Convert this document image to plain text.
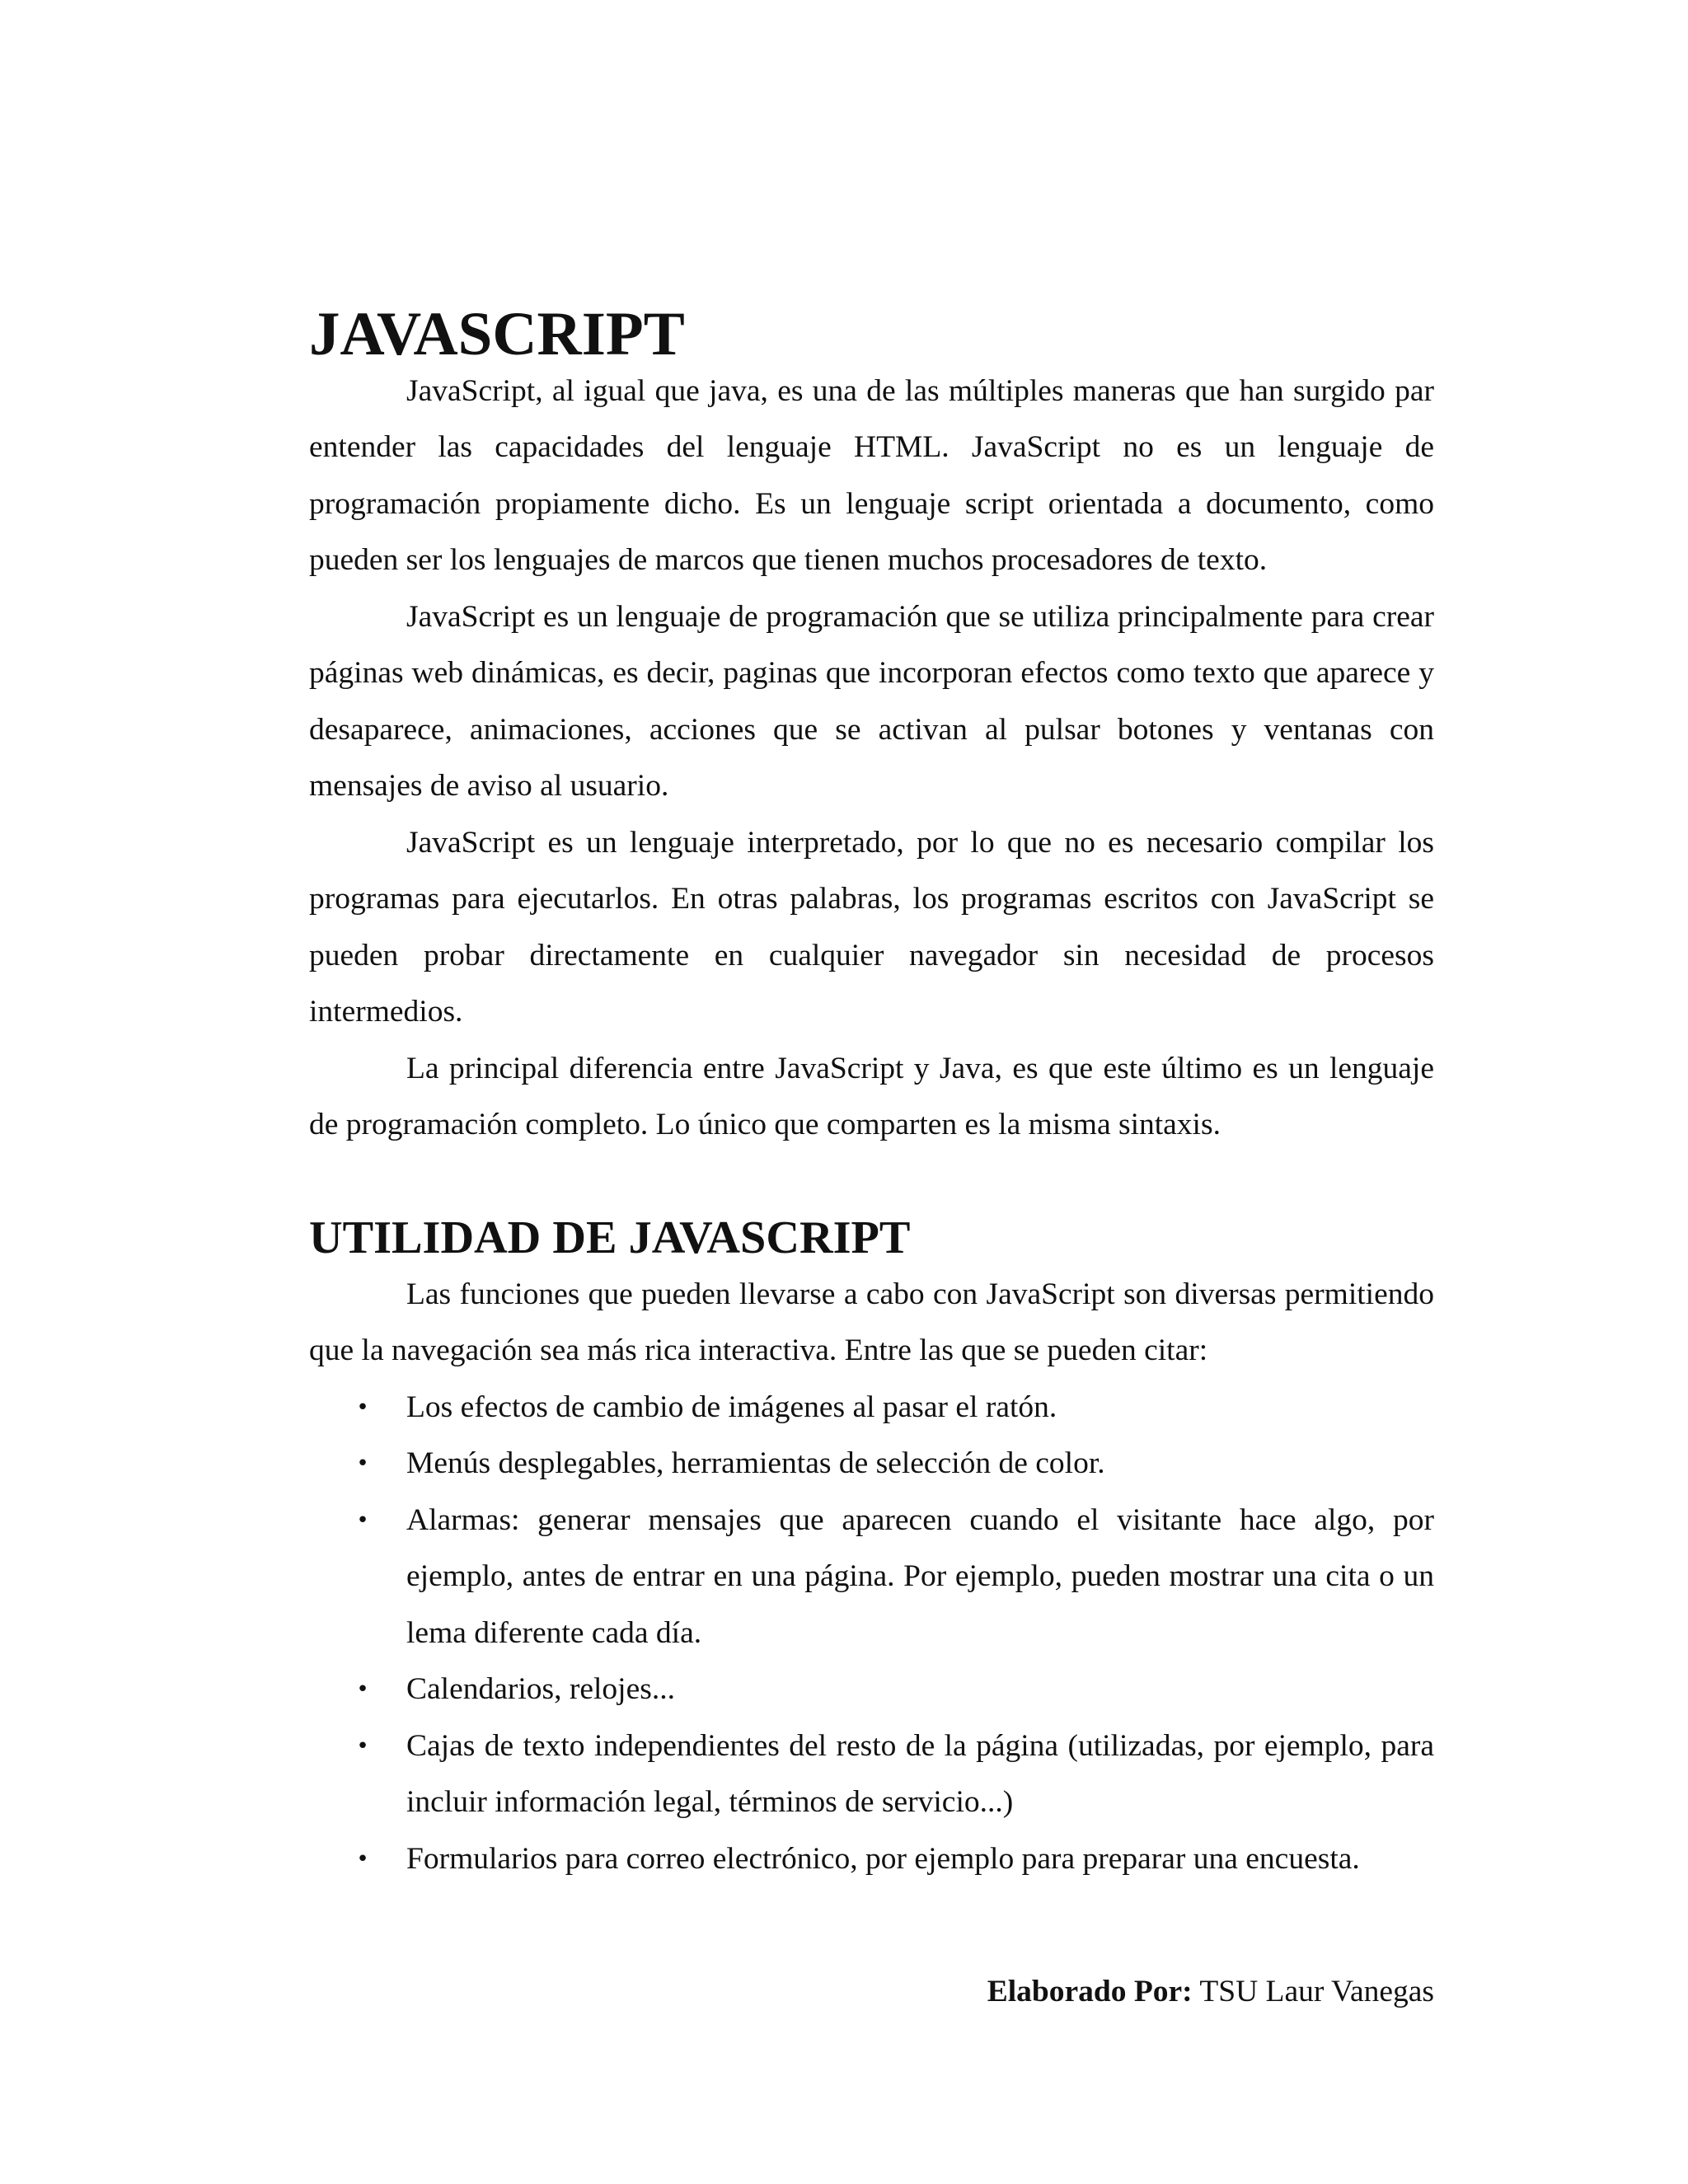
JAVASCRIPT

JavaScript, al igual que java, es una de las múltiples maneras que han surgido par entender las capacidades del lenguaje HTML. JavaScript no es un lenguaje de programación propiamente dicho. Es un lenguaje script orientada a documento, como pueden ser los lenguajes de marcos que tienen muchos procesadores de texto.

JavaScript es un lenguaje de programación que se utiliza principalmente para crear páginas web dinámicas, es decir, paginas que incorporan efectos como texto que aparece y desaparece, animaciones, acciones que se activan al pulsar botones y ventanas con mensajes de aviso al usuario.

JavaScript es un lenguaje interpretado, por lo que no es necesario compilar los programas para ejecutarlos. En otras palabras, los programas escritos con JavaScript se pueden probar directamente en cualquier navegador sin necesidad de procesos intermedios.

La principal diferencia entre JavaScript y Java, es que este último es un lenguaje de programación completo. Lo único que comparten es la misma sintaxis.

UTILIDAD DE JAVASCRIPT

Las funciones que pueden llevarse a cabo con JavaScript son diversas permitiendo que la navegación sea más rica interactiva. Entre las que se pueden citar:

• Los efectos de cambio de imágenes al pasar el ratón.
• Menús desplegables, herramientas de selección de color.
• Alarmas: generar mensajes que aparecen cuando el visitante hace algo, por ejemplo, antes de entrar en una página. Por ejemplo, pueden mostrar una cita o un lema diferente cada día.
• Calendarios, relojes...
• Cajas de texto independientes del resto de la página (utilizadas, por ejemplo, para incluir información legal, términos de servicio...)
• Formularios para correo electrónico, por ejemplo para preparar una encuesta.
Elaborado Por: TSU Laur Vanegas
